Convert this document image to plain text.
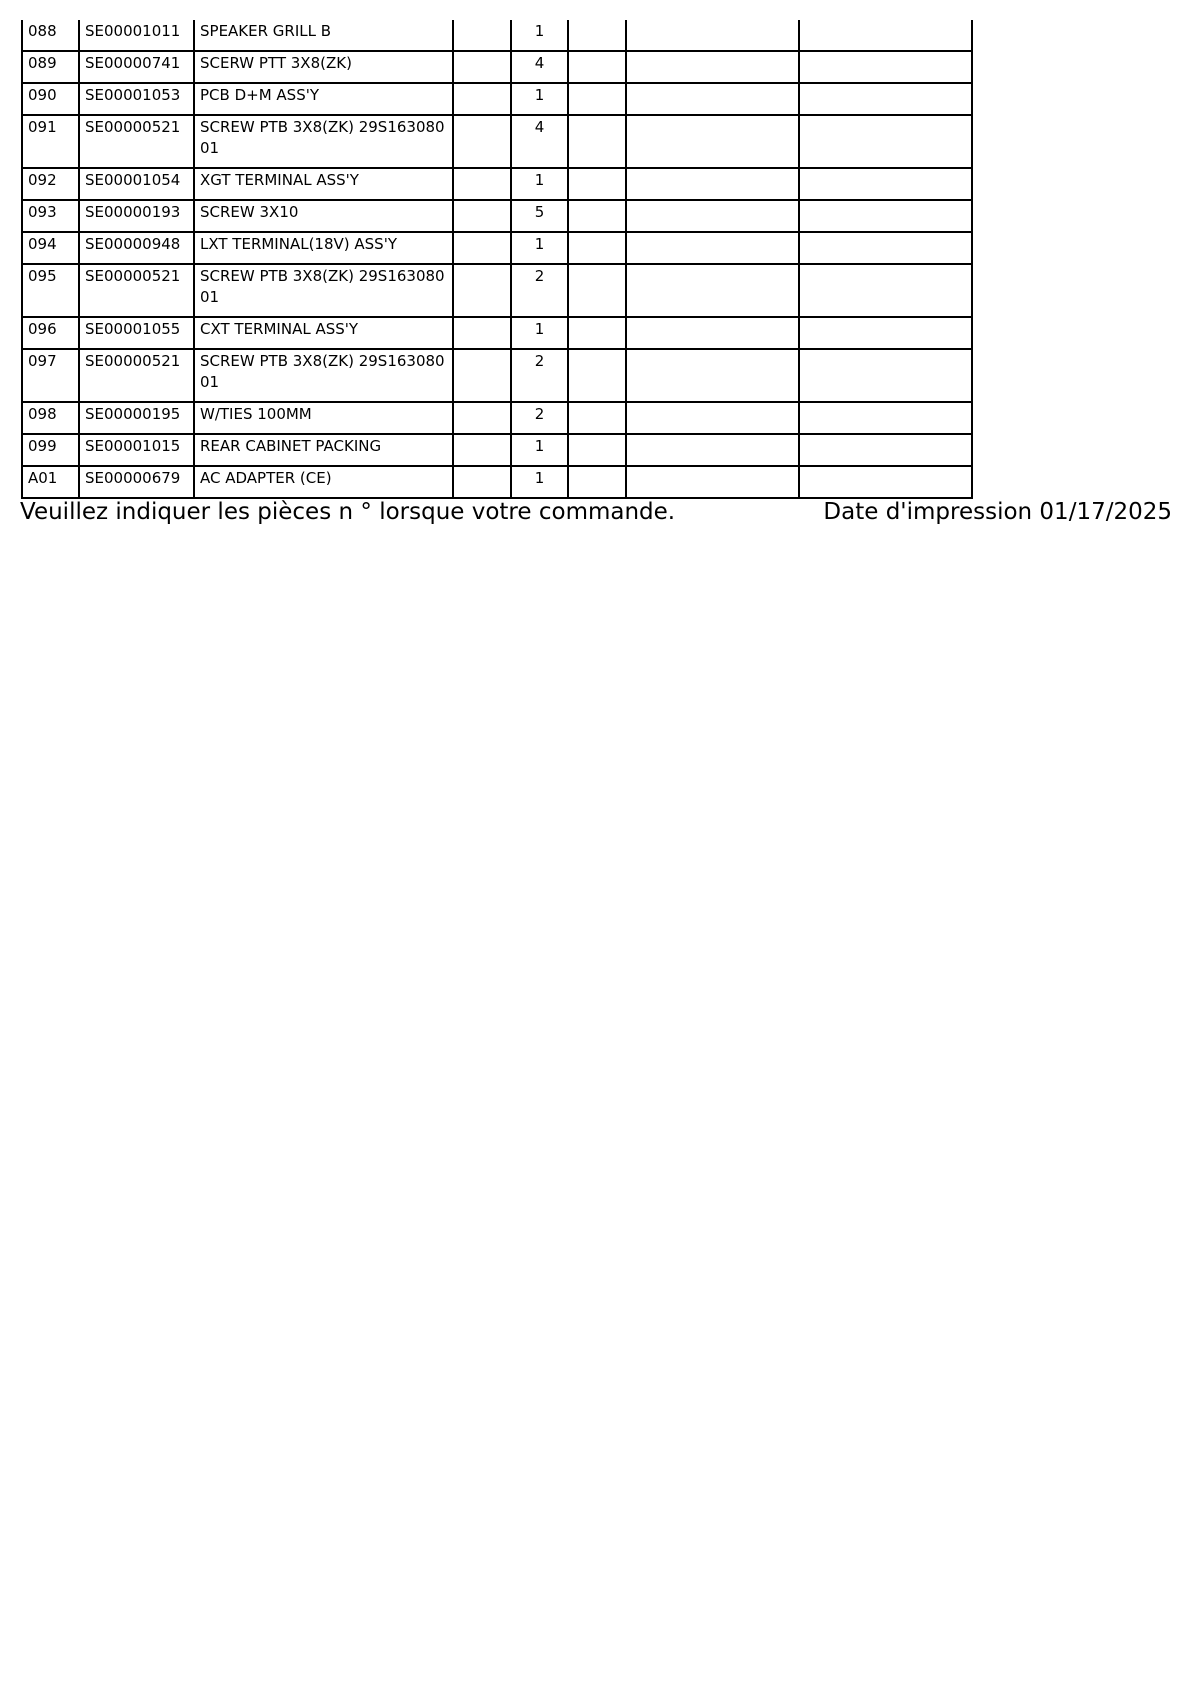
088	SE00001011	SPEAKER GRILL B		1			
089	SE00000741	SCERW PTT 3X8(ZK)		4			
090	SE00001053	PCB D+M ASS'Y		1			
091	SE00000521	SCREW PTB 3X8(ZK) 29S16308001		4			
092	SE00001054	XGT TERMINAL ASS'Y		1			
093	SE00000193	SCREW 3X10		5			
094	SE00000948	LXT TERMINAL(18V) ASS'Y		1			
095	SE00000521	SCREW PTB 3X8(ZK) 29S16308001		2			
096	SE00001055	CXT TERMINAL ASS'Y		1			
097	SE00000521	SCREW PTB 3X8(ZK) 29S16308001		2			
098	SE00000195	W/TIES 100MM		2			
099	SE00001015	REAR CABINET PACKING		1			
A01	SE00000679	AC ADAPTER (CE)		1			
Veuillez indiquer les pièces n ° lorsque votre commande.	Date d'impression 01/17/2025
